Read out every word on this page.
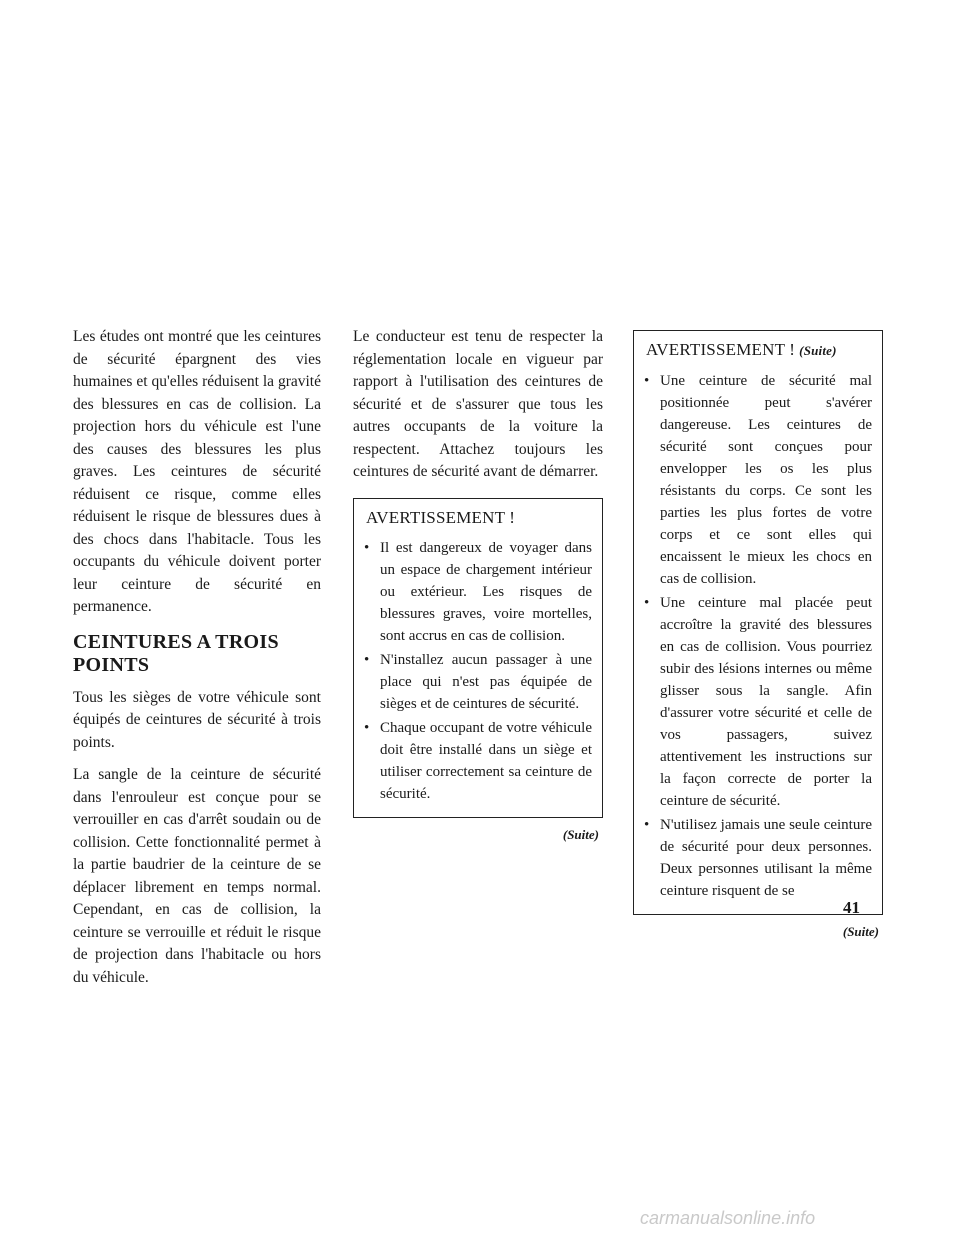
Les études ont montré que les ceintures de sécurité épargnent des vies humaines et qu'elles réduisent la gravité des blessures en cas de collision. La projection hors du véhicule est l'une des causes des blessures les plus graves. Les ceintures de sécurité réduisent ce risque, comme elles réduisent le risque de blessures dues à des chocs dans l'habitacle. Tous les occupants du véhicule doivent porter leur ceinture de sécurité en permanence.

CEINTURES A TROIS
POINTS

Tous les sièges de votre véhicule sont équipés de ceintures de sécurité à trois points.

La sangle de la ceinture de sécurité dans l'enrouleur est conçue pour se verrouiller en cas d'arrêt soudain ou de collision. Cette fonctionnalité permet à la partie baudrier de la ceinture de se déplacer librement en temps normal. Cependant, en cas de collision, la ceinture se verrouille et réduit le risque de projection dans l'habitacle ou hors du véhicule.

Le conducteur est tenu de respecter la réglementation locale en vigueur par rapport à l'utilisation des ceintures de sécurité et de s'assurer que tous les autres occupants de la voiture la respectent. Attachez toujours les ceintures de sécurité avant de démarrer.

AVERTISSEMENT !
• Il est dangereux de voyager dans un espace de chargement intérieur ou extérieur. Les risques de blessures graves, voire mortelles, sont accrus en cas de collision.
• N'installez aucun passager à une place qui n'est pas équipée de sièges et de ceintures de sécurité.
• Chaque occupant de votre véhicule doit être installé dans un siège et utiliser correctement sa ceinture de sécurité.
(Suite)
AVERTISSEMENT ! (Suite)
• Une ceinture de sécurité mal positionnée peut s'avérer dangereuse. Les ceintures de sécurité sont conçues pour envelopper les os les plus résistants du corps. Ce sont les parties les plus fortes de votre corps et ce sont elles qui encaissent le mieux les chocs en cas de collision.
• Une ceinture mal placée peut accroître la gravité des blessures en cas de collision. Vous pourriez subir des lésions internes ou même glisser sous la sangle. Afin d'assurer votre sécurité et celle de vos passagers, suivez attentivement les instructions sur la façon correcte de porter la ceinture de sécurité.
• N'utilisez jamais une seule ceinture de sécurité pour deux personnes. Deux personnes utilisant la même ceinture risquent de se
(Suite)
41
carmanualsonline.info
